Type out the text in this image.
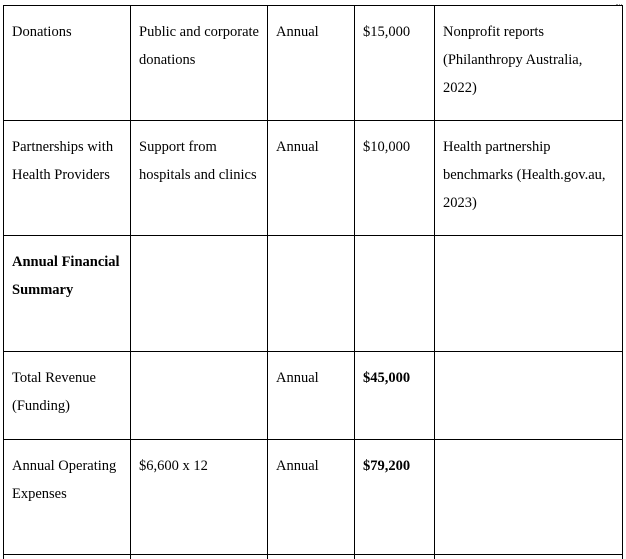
Donations	Public and corporate donations	Annual	$15,000	Nonprofit reports (Philanthropy Australia, 2022)

Partnerships with Health Providers	Support from hospitals and clinics	Annual	$10,000	Health partnership benchmarks (Health.gov.au, 2023)

Annual Financial Summary				

Total Revenue (Funding)		Annual	$45,000	

Annual Operating Expenses	$6,600 x 12	Annual	$79,200	
